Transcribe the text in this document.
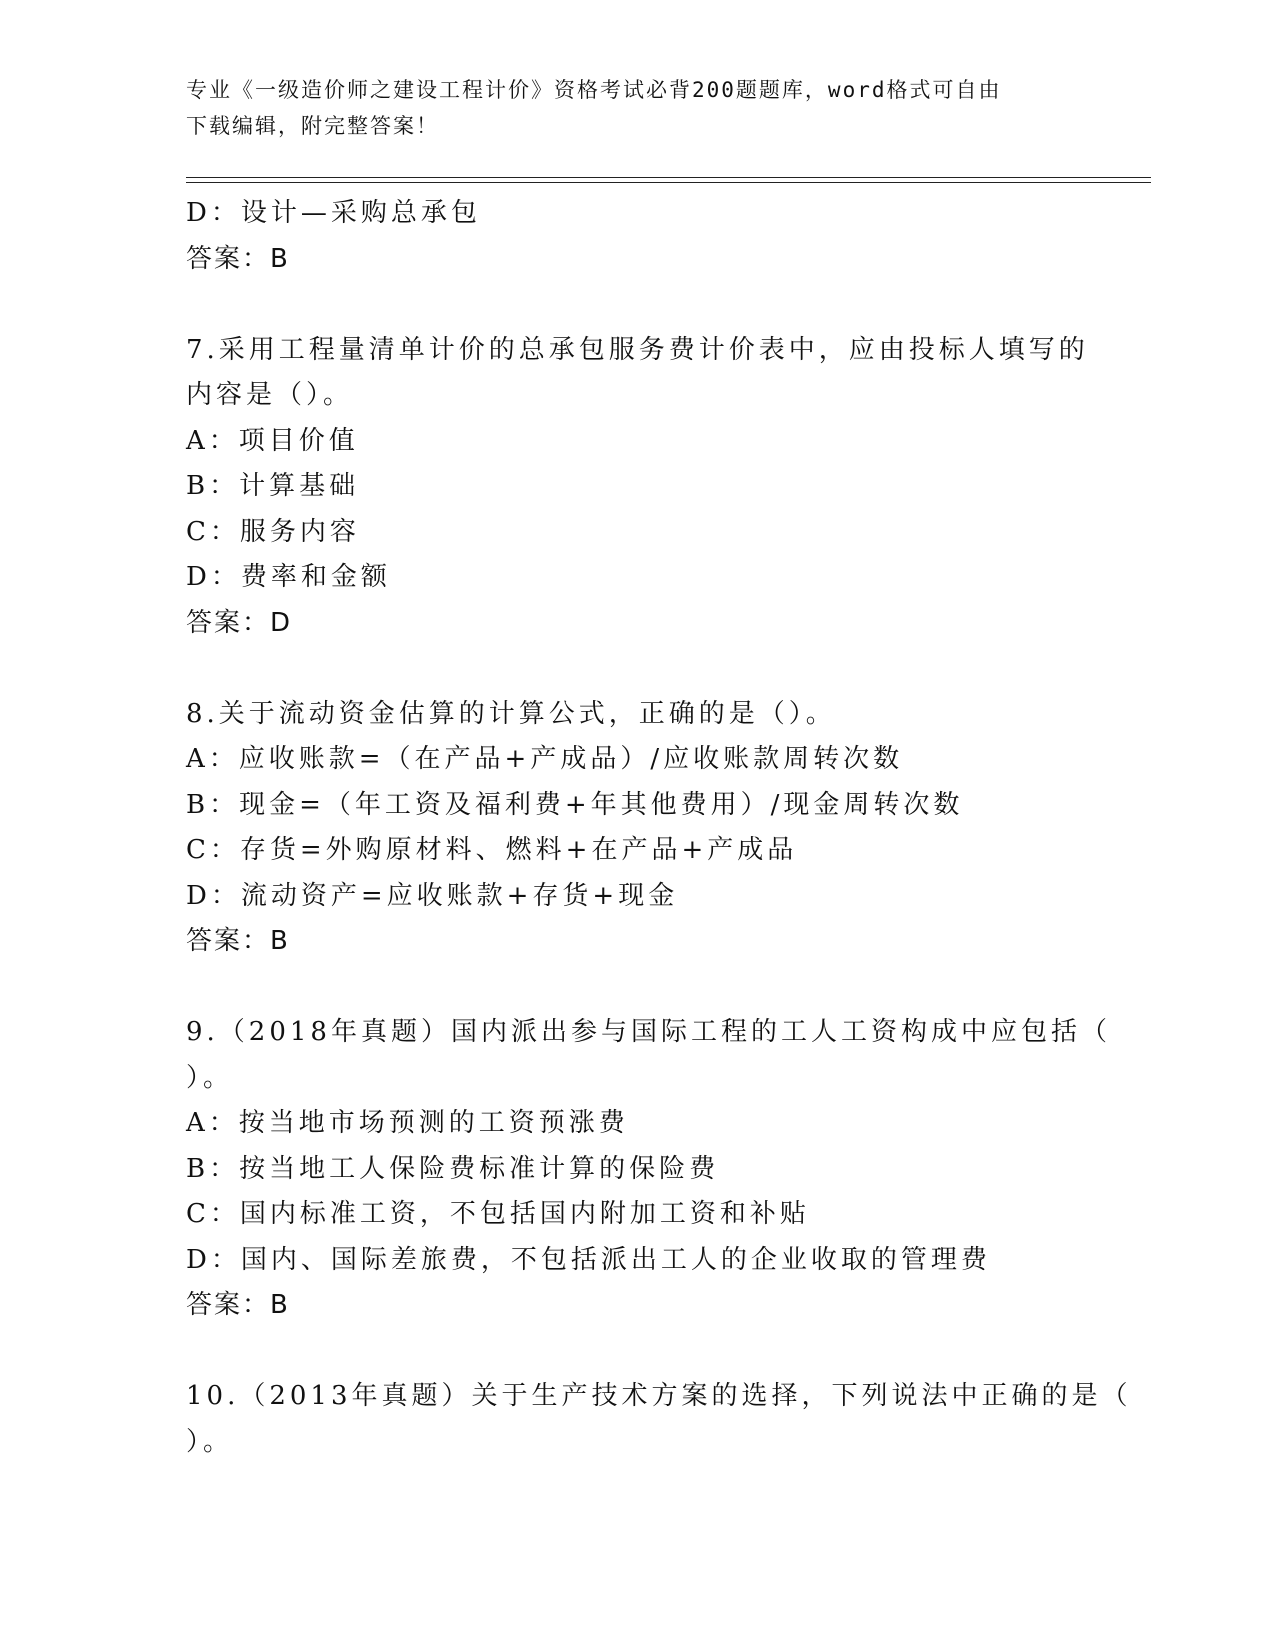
专业《一级造价师之建设工程计价》资格考试必背200题题库，word格式可自由
下载编辑，附完整答案！
D：设计—采购总承包
答案：B
7.采用工程量清单计价的总承包服务费计价表中，应由投标人填写的
内容是（）。
A：项目价值
B：计算基础
C：服务内容
D：费率和金额
答案：D
8.关于流动资金估算的计算公式，正确的是（）。
A：应收账款=（在产品+产成品）/应收账款周转次数
B：现金=（年工资及福利费+年其他费用）/现金周转次数
C：存货=外购原材料、燃料+在产品+产成品
D：流动资产=应收账款+存货+现金
答案：B
9.（2018年真题）国内派出参与国际工程的工人工资构成中应包括（
）。
A：按当地市场预测的工资预涨费
B：按当地工人保险费标准计算的保险费
C：国内标准工资，不包括国内附加工资和补贴
D：国内、国际差旅费，不包括派出工人的企业收取的管理费
答案：B
10.（2013年真题）关于生产技术方案的选择，下列说法中正确的是（
）。
